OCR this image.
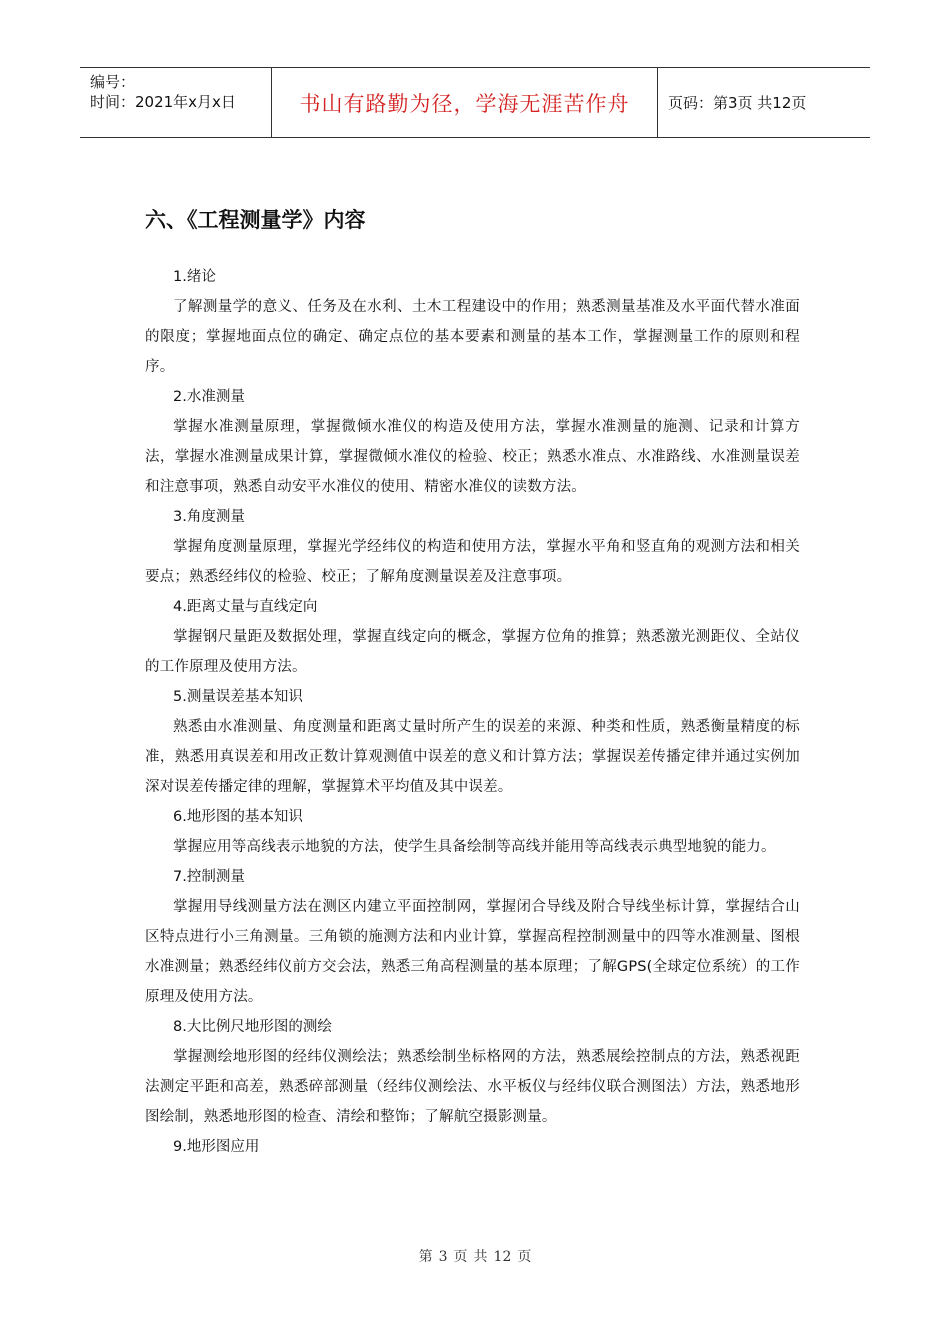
编号：
时间：2021年x月x日	书山有路勤为径，学海无涯苦作舟	页码：第3页 共12页
六、《工程测量学》内容
1.绪论

了解测量学的意义、任务及在水利、土木工程建设中的作用；熟悉测量基准及水平面代替水准面的限度；掌握地面点位的确定、确定点位的基本要素和测量的基本工作，掌握测量工作的原则和程序。

2.水准测量

掌握水准测量原理，掌握微倾水准仪的构造及使用方法，掌握水准测量的施测、记录和计算方法，掌握水准测量成果计算，掌握微倾水准仪的检验、校正；熟悉水准点、水准路线、水准测量误差和注意事项，熟悉自动安平水准仪的使用、精密水准仪的读数方法。

3.角度测量

掌握角度测量原理，掌握光学经纬仪的构造和使用方法，掌握水平角和竖直角的观测方法和相关要点；熟悉经纬仪的检验、校正；了解角度测量误差及注意事项。

4.距离丈量与直线定向

掌握钢尺量距及数据处理，掌握直线定向的概念，掌握方位角的推算；熟悉激光测距仪、全站仪的工作原理及使用方法。

5.测量误差基本知识

熟悉由水准测量、角度测量和距离丈量时所产生的误差的来源、种类和性质，熟悉衡量精度的标准，熟悉用真误差和用改正数计算观测值中误差的意义和计算方法；掌握误差传播定律并通过实例加深对误差传播定律的理解，掌握算术平均值及其中误差。

6.地形图的基本知识

掌握应用等高线表示地貌的方法，使学生具备绘制等高线并能用等高线表示典型地貌的能力。

7.控制测量

掌握用导线测量方法在测区内建立平面控制网，掌握闭合导线及附合导线坐标计算，掌握结合山区特点进行小三角测量。三角锁的施测方法和内业计算，掌握高程控制测量中的四等水准测量、图根水准测量；熟悉经纬仪前方交会法，熟悉三角高程测量的基本原理；了解GPS(全球定位系统）的工作原理及使用方法。

8.大比例尺地形图的测绘

掌握测绘地形图的经纬仪测绘法；熟悉绘制坐标格网的方法，熟悉展绘控制点的方法，熟悉视距法测定平距和高差，熟悉碎部测量（经纬仪测绘法、水平板仪与经纬仪联合测图法）方法，熟悉地形图绘制，熟悉地形图的检查、清绘和整饰；了解航空摄影测量。

9.地形图应用
第 3 页 共 12 页
